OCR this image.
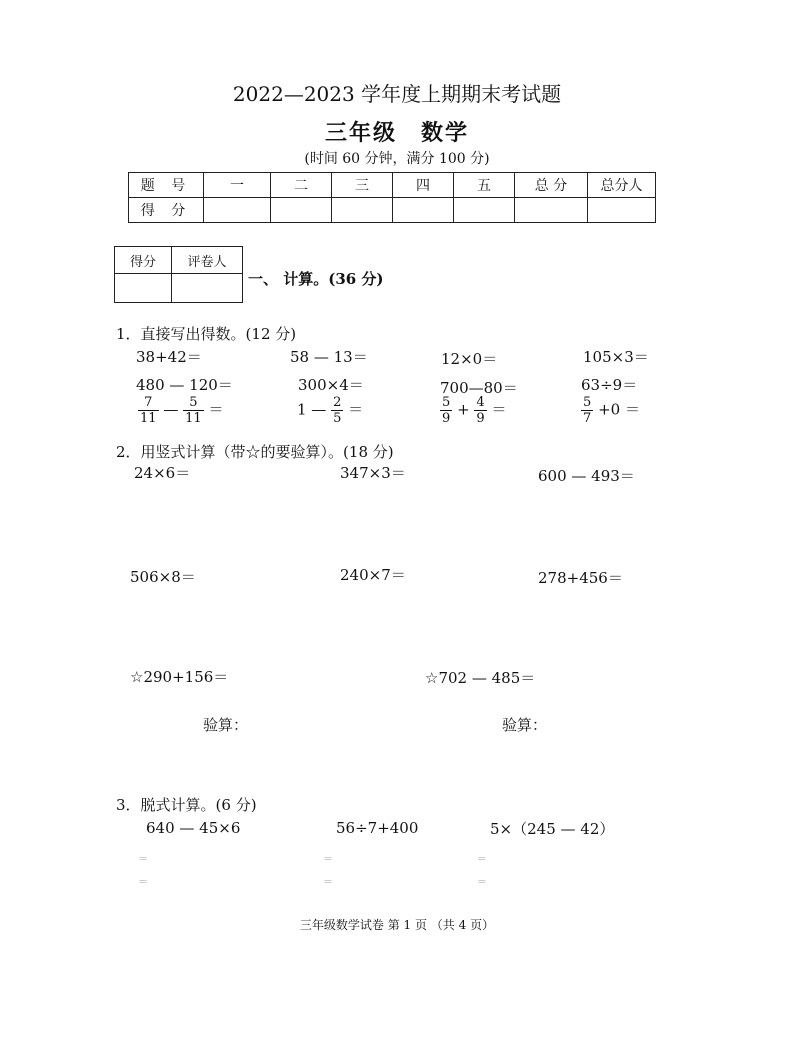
2022—2023 学年度上期期末考试题
三年级　数学
(时间 60 分钟，满分 100 分)
题 号	一	二	三	四	五	总 分	总分人
得 分							
得分	评卷人

一、 计算。(36 分)
1．直接写出得数。(12 分)
38+42＝	58 — 13＝	12×0＝	105×3＝
480 — 120＝	300×4＝	700—80＝	63÷9＝
$\frac{7}{11}$ — $\frac{5}{11}$ ＝	1 — $\frac{2}{5}$ ＝	$\frac{5}{9} + \frac{4}{9}$ ＝	$\frac{5}{7} +0$ ＝
2．用竖式计算（带☆的要验算）。(18 分)
24×6＝	347×3＝	600 — 493＝
506×8＝	240×7＝	278+456＝
☆290+156＝	☆702 — 485＝
验算：	验算：
3．脱式计算。(6 分)
640 — 45×6	56÷7+400	5×（245 — 42）
＝
＝
＝
＝
＝
＝
三年级数学试卷 第 1 页 （共 4 页）
